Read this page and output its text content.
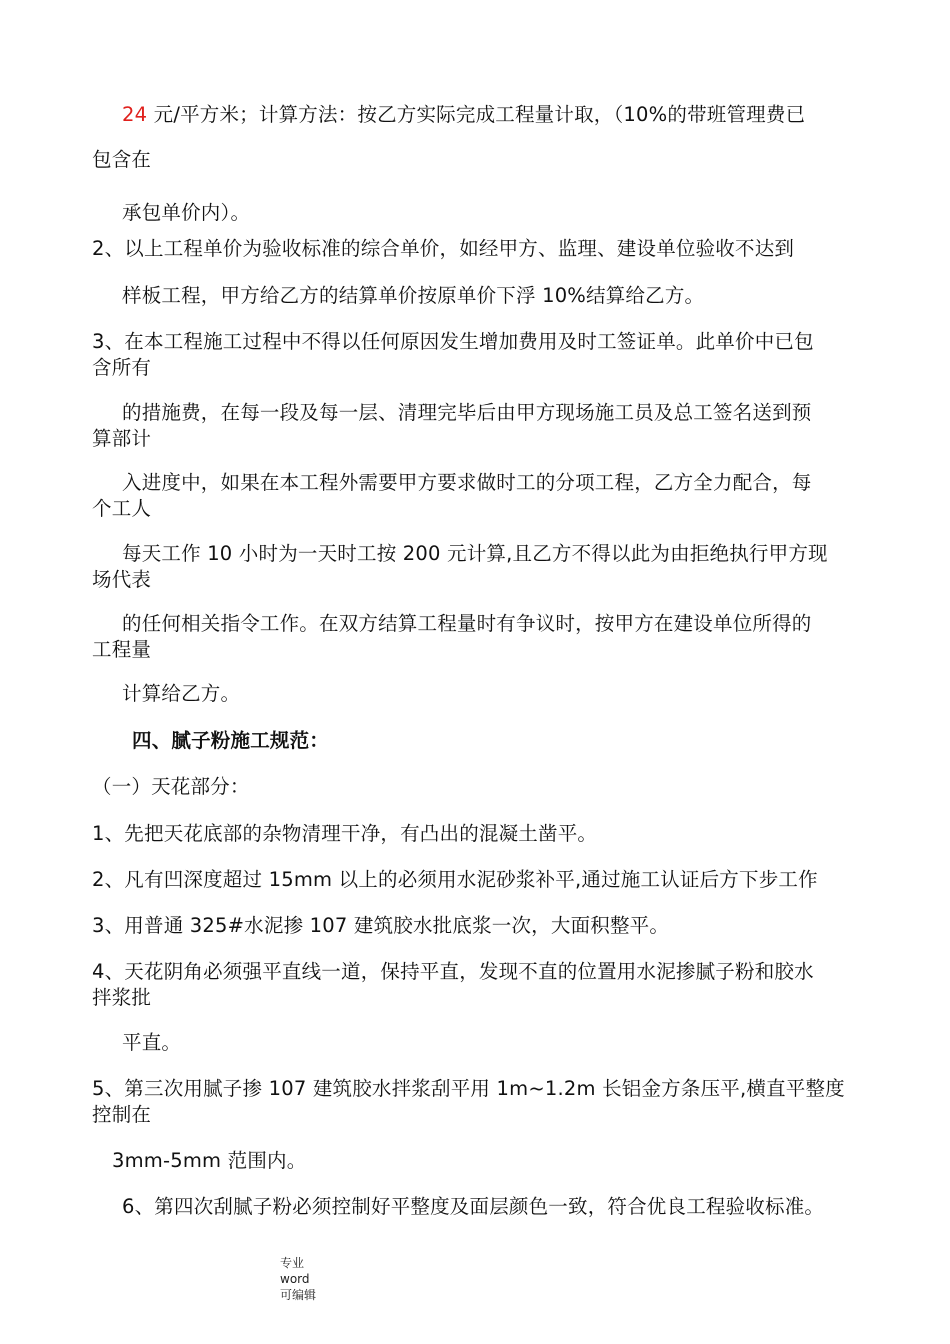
24 元/平方米；计算方法：按乙方实际完成工程量计取，（10%的带班管理费已
包含在
承包单价内）。
2、以上工程单价为验收标准的综合单价，如经甲方、监理、建设单位验收不达到
样板工程，甲方给乙方的结算单价按原单价下浮 10%结算给乙方。
3、在本工程施工过程中不得以任何原因发生增加费用及时工签证单。此单价中已包
含所有
的措施费，在每一段及每一层、清理完毕后由甲方现场施工员及总工签名送到预
算部计
入进度中，如果在本工程外需要甲方要求做时工的分项工程，乙方全力配合，每
个工人
每天工作 10 小时为一天时工按 200 元计算,且乙方不得以此为由拒绝执行甲方现
场代表
的任何相关指令工作。在双方结算工程量时有争议时，按甲方在建设单位所得的
工程量
计算给乙方。
四、腻子粉施工规范：
（一）天花部分：
1、先把天花底部的杂物清理干净，有凸出的混凝土凿平。
2、凡有凹深度超过 15mm 以上的必须用水泥砂浆补平,通过施工认证后方下步工作
3、用普通 325#水泥掺 107 建筑胶水批底浆一次，大面积整平。
4、天花阴角必须强平直线一道，保持平直，发现不直的位置用水泥掺腻子粉和胶水
拌浆批
平直。
5、第三次用腻子掺 107 建筑胶水拌浆刮平用 1m~1.2m 长铝金方条压平,横直平整度
控制在
3mm-5mm 范围内。
6、第四次刮腻子粉必须控制好平整度及面层颜色一致，符合优良工程验收标准。
专业
word
可编辑
